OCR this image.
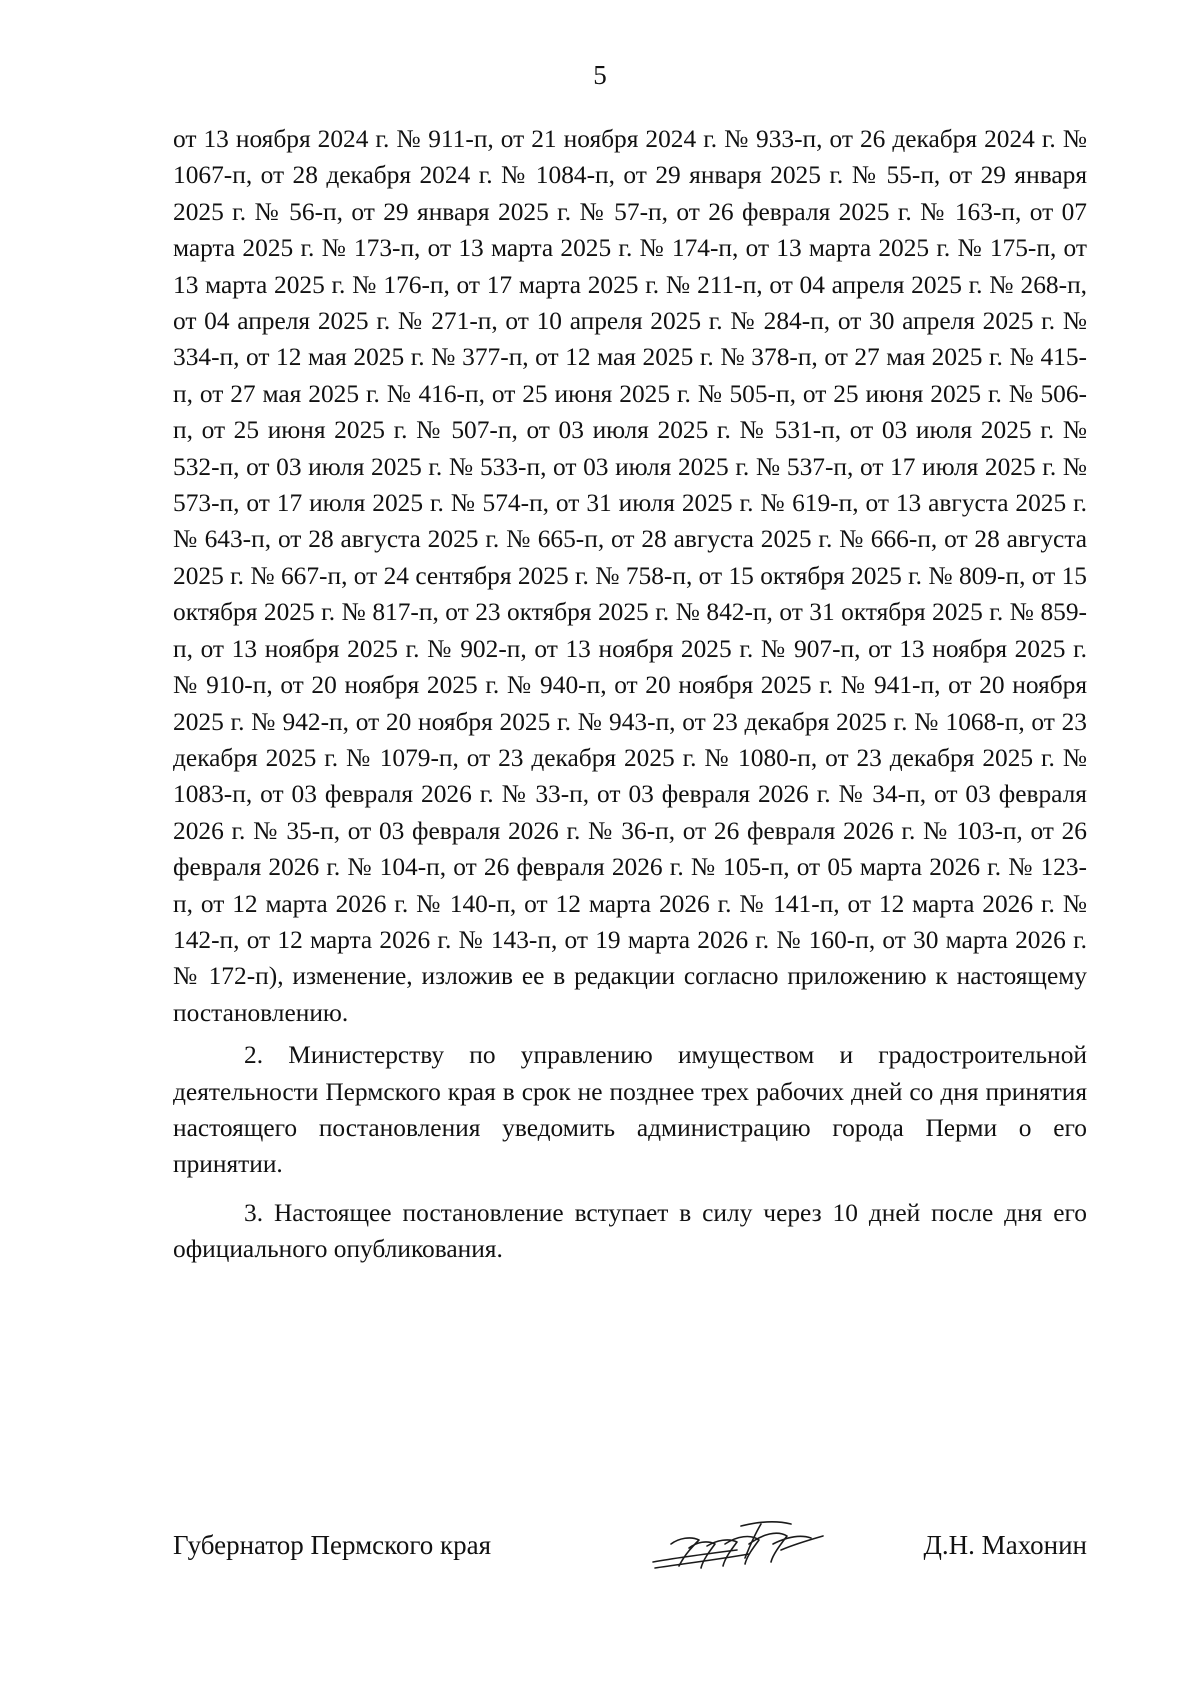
5

от 13 ноября 2024 г. № 911-п, от 21 ноября 2024 г. № 933-п, от 26 декабря 2024 г. № 1067-п, от 28 декабря 2024 г. № 1084-п, от 29 января 2025 г. № 55-п, от 29 января 2025 г. № 56-п, от 29 января 2025 г. № 57-п, от 26 февраля 2025 г. № 163-п, от 07 марта 2025 г. № 173-п, от 13 марта 2025 г. № 174-п, от 13 марта 2025 г. № 175-п, от 13 марта 2025 г. № 176-п, от 17 марта 2025 г. № 211-п, от 04 апреля 2025 г. № 268-п, от 04 апреля 2025 г. № 271-п, от 10 апреля 2025 г. № 284-п, от 30 апреля 2025 г. № 334-п, от 12 мая 2025 г. № 377-п, от 12 мая 2025 г. № 378-п, от 27 мая 2025 г. № 415-п, от 27 мая 2025 г. № 416-п, от 25 июня 2025 г. № 505-п, от 25 июня 2025 г. № 506-п, от 25 июня 2025 г. № 507-п, от 03 июля 2025 г. № 531-п, от 03 июля 2025 г. № 532-п, от 03 июля 2025 г. № 533-п, от 03 июля 2025 г. № 537-п, от 17 июля 2025 г. № 573-п, от 17 июля 2025 г. № 574-п, от 31 июля 2025 г. № 619-п, от 13 августа 2025 г. № 643-п, от 28 августа 2025 г. № 665-п, от 28 августа 2025 г. № 666-п, от 28 августа 2025 г. № 667-п, от 24 сентября 2025 г. № 758-п, от 15 октября 2025 г. № 809-п, от 15 октября 2025 г. № 817-п, от 23 октября 2025 г. № 842-п, от 31 октября 2025 г. № 859-п, от 13 ноября 2025 г. № 902-п, от 13 ноября 2025 г. № 907-п, от 13 ноября 2025 г. № 910-п, от 20 ноября 2025 г. № 940-п, от 20 ноября 2025 г. № 941-п, от 20 ноября 2025 г. № 942-п, от 20 ноября 2025 г. № 943-п, от 23 декабря 2025 г. № 1068-п, от 23 декабря 2025 г. № 1079-п, от 23 декабря 2025 г. № 1080-п, от 23 декабря 2025 г. № 1083-п, от 03 февраля 2026 г. № 33-п, от 03 февраля 2026 г. № 34-п, от 03 февраля 2026 г. № 35-п, от 03 февраля 2026 г. № 36-п, от 26 февраля 2026 г. № 103-п, от 26 февраля 2026 г. № 104-п, от 26 февраля 2026 г. № 105-п, от 05 марта 2026 г. № 123-п, от 12 марта 2026 г. № 140-п, от 12 марта 2026 г. № 141-п, от 12 марта 2026 г. № 142-п, от 12 марта 2026 г. № 143-п, от 19 марта 2026 г. № 160-п, от 30 марта 2026 г. № 172-п), изменение, изложив ее в редакции согласно приложению к настоящему постановлению.

2. Министерству по управлению имуществом и градостроительной деятельности Пермского края в срок не позднее трех рабочих дней со дня принятия настоящего постановления уведомить администрацию города Перми о его принятии.

3. Настоящее постановление вступает в силу через 10 дней после дня его официального опубликования.

Губернатор Пермского края	Д.Н. Махонин
